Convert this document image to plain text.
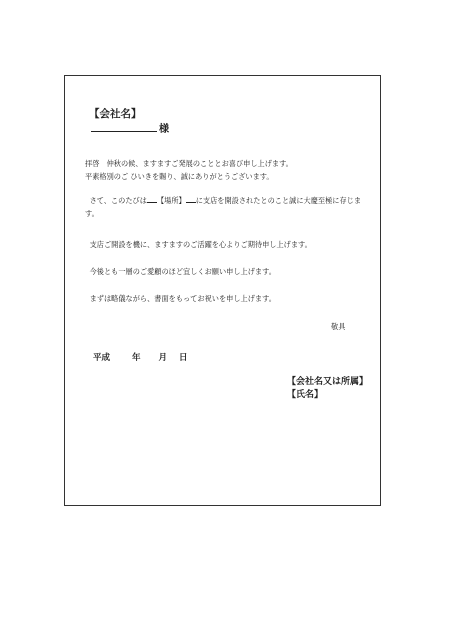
【会社名】
様
拝啓　仲秋の候、ますますご発展のこととお喜び申し上げます。
平素格別のご ひいきを賜り、誠にありがとうございます。
さて、このたびは 【場所】 に支店を開設されたとのこと誠に大慶至極に存じます。
支店ご開設を機に、ますますのご活躍を心よりご期待申し上げます。
今後とも一層のご愛顧のほど宜しくお願い申し上げます。
まずは略儀ながら、書面をもってお祝いを申し上げます。
敬具
平成	年 月 日
【会社名又は所属】
【氏名】
